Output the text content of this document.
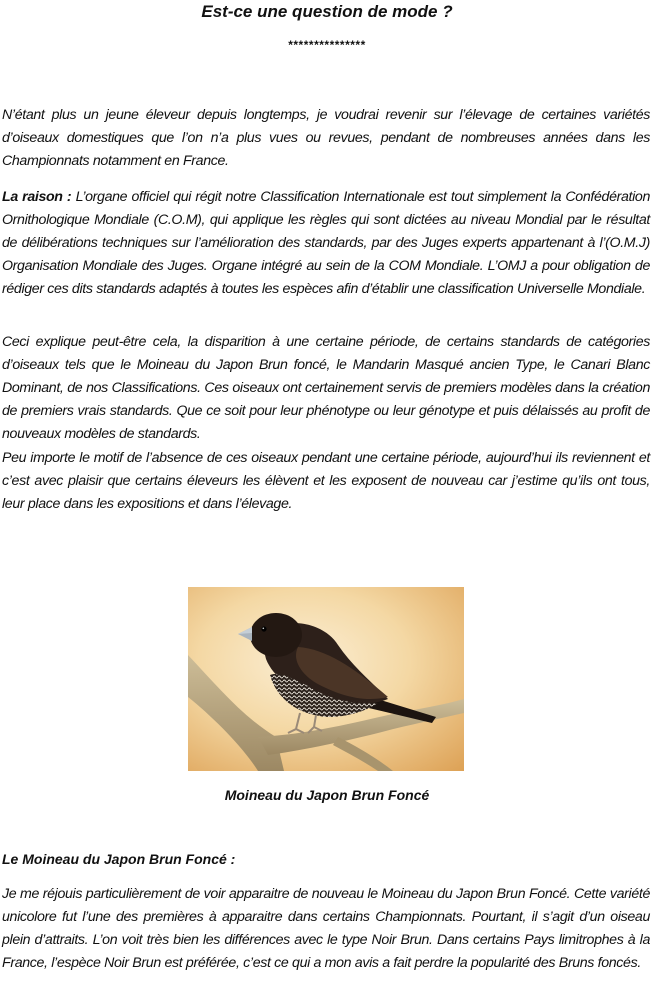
Est-ce une question de mode ?
***************

N’étant plus un jeune éleveur depuis longtemps, je voudrai revenir sur l’élevage de certaines variétés d’oiseaux domestiques que l’on n’a plus vues ou revues, pendant de nombreuses années dans les Championnats notamment en France.

La raison : L’organe officiel qui régit notre Classification Internationale est tout simplement la Confédération Ornithologique Mondiale (C.O.M), qui applique les règles qui sont dictées au niveau Mondial par le résultat de délibérations techniques sur l’amélioration des standards, par des Juges experts appartenant à l’(O.M.J) Organisation Mondiale des Juges. Organe intégré au sein de la COM Mondiale. L’OMJ a pour obligation de rédiger ces dits standards adaptés à toutes les espèces afin d’établir une classification Universelle Mondiale.

Ceci explique peut-être cela, la disparition à une certaine période, de certains standards de catégories d’oiseaux tels que le Moineau du Japon Brun foncé, le Mandarin Masqué ancien Type, le Canari Blanc Dominant, de nos Classifications. Ces oiseaux ont certainement servis de premiers modèles dans la création de premiers vrais standards. Que ce soit pour leur phénotype ou leur génotype et puis délaissés au profit de nouveaux modèles de standards.

Peu importe le motif de l’absence de ces oiseaux pendant une certaine période, aujourd’hui ils reviennent et c’est avec plaisir que certains éleveurs les élèvent et les exposent de nouveau car j’estime qu’ils ont tous, leur place dans les expositions et dans l’élevage.

Moineau du Japon Brun Foncé
Le Moineau du Japon Brun Foncé :

Je me réjouis particulièrement de voir apparaitre de nouveau le Moineau du Japon Brun Foncé. Cette variété unicolore fut l’une des premières à apparaitre dans certains Championnats. Pourtant, il s’agit d’un oiseau plein d’attraits. L’on voit très bien les différences avec le type Noir Brun. Dans certains Pays limitrophes à la France, l’espèce Noir Brun est préférée, c’est ce qui a mon avis a fait perdre la popularité des Bruns foncés.
